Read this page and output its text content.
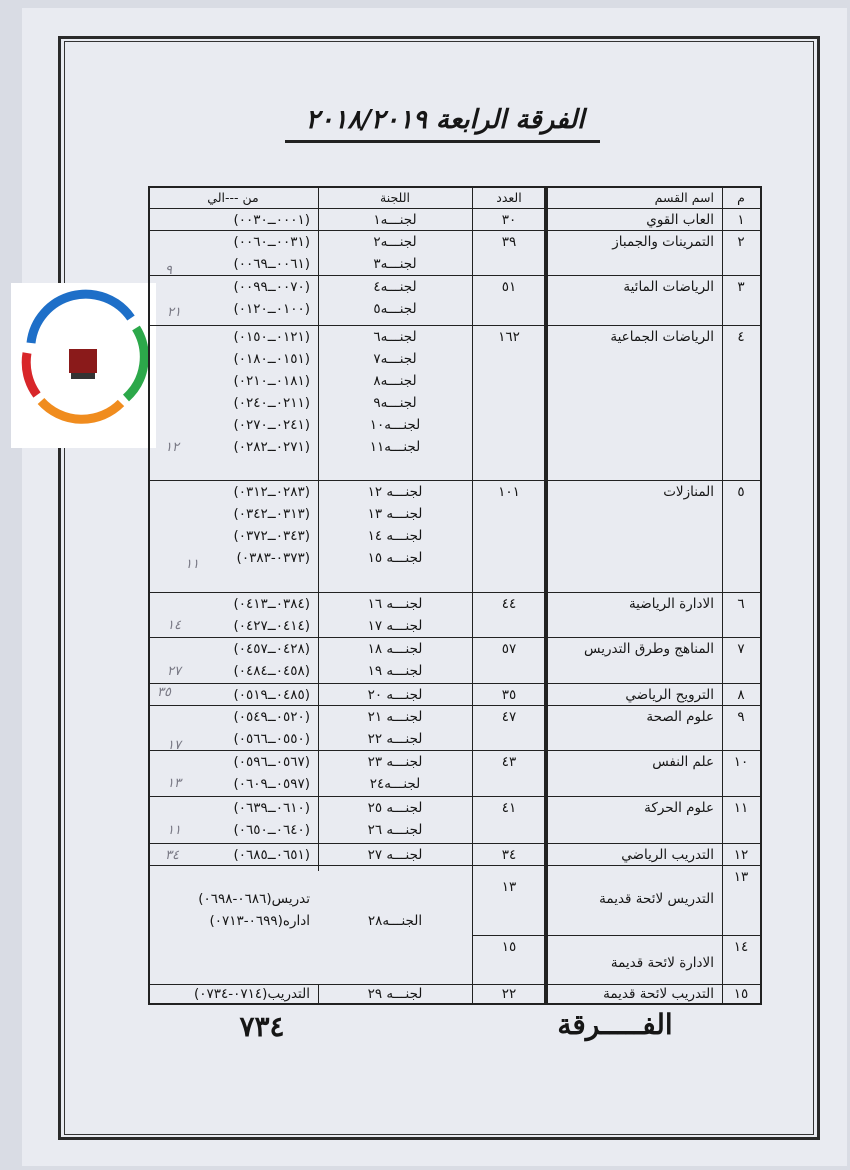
الفرقة الرابعة ٢٠١٨/٢٠١٩
م
اسم القسم
العدد
اللجنة
من ---الي
١
العاب القوي
٣٠
لجنـــه١
(٠٠٠١ــ٠٠٣٠)
٢
التمرينات والجمباز
٣٩
لجنـــه٢
لجنـــه٣
(٠٠٣١ــ٠٠٦٠)
(٠٠٦١ــ٠٠٦٩)
٣
الرياضات المائية
٥١
لجنـــه٤
لجنـــه٥
(٠٠٧٠ــ٠٠٩٩)
(٠١٠٠ــ٠١٢٠)
٤
الرياضات الجماعية
١٦٢
لجنـــه٦
لجنـــه٧
لجنـــه٨
لجنـــه٩
لجنـــه١٠
لجنـــه١١
(٠١٢١ــ٠١٥٠)
(٠١٥١ــ٠١٨٠)
(٠١٨١ــ٠٢١٠)
(٠٢١١ــ٠٢٤٠)
(٠٢٤١ــ٠٢٧٠)
(٠٢٧١ــ٠٢٨٢)
٥
المنازلات
١٠١
لجنـــه ١٢
لجنـــه ١٣
لجنـــه ١٤
لجنـــه ١٥
(٠٢٨٣ــ٠٣١٢)
(٠٣١٣ــ٠٣٤٢)
(٠٣٤٣ــ٠٣٧٢)
(٠٣٧٣-٠٣٨٣)
٦
الادارة الرياضية
٤٤
لجنـــه ١٦
لجنـــه ١٧
(٠٣٨٤ــ٠٤١٣)
(٠٤١٤ــ٠٤٢٧)
٧
المناهج وطرق التدريس
٥٧
لجنـــه ١٨
لجنـــه ١٩
(٠٤٢٨ــ٠٤٥٧)
(٠٤٥٨ــ٠٤٨٤)
٨
الترويح الرياضي
٣٥
لجنـــه ٢٠
(٠٤٨٥ــ٠٥١٩)
٩
علوم الصحة
٤٧
لجنـــه ٢١
لجنـــه ٢٢
(٠٥٢٠ــ٠٥٤٩)
(٠٥٥٠ــ٠٥٦٦)
١٠
علم النفس
٤٣
لجنـــه ٢٣
لجنـــه٢٤
(٠٥٦٧ــ٠٥٩٦)
(٠٥٩٧ــ٠٦٠٩)
١١
علوم الحركة
٤١
لجنـــه ٢٥
لجنـــه ٢٦
(٠٦١٠ــ٠٦٣٩)
(٠٦٤٠ــ٠٦٥٠)
١٢
التدريب الرياضي
٣٤
لجنـــه ٢٧
(٠٦٥١ــ٠٦٨٥)
١٣
التدريس لائحة قديمة
١٣
١٤
الادارة لائحة قديمة
١٥
١٥
التدريب لائحة قديمة
٢٢
لجنـــه ٢٩
التدريب(٠٧١٤-٠٧٣٤)
الجنـــه٢٨
تدريس(٠٦٨٦-٠٦٩٨)
اداره(٠٦٩٩-٠٧١٣)
الفـــــرقة
٧٣٤
٩
٢١
١٢
١١
١٤
٢٧
٣٥
١٧
١٣
١١
٣٤
